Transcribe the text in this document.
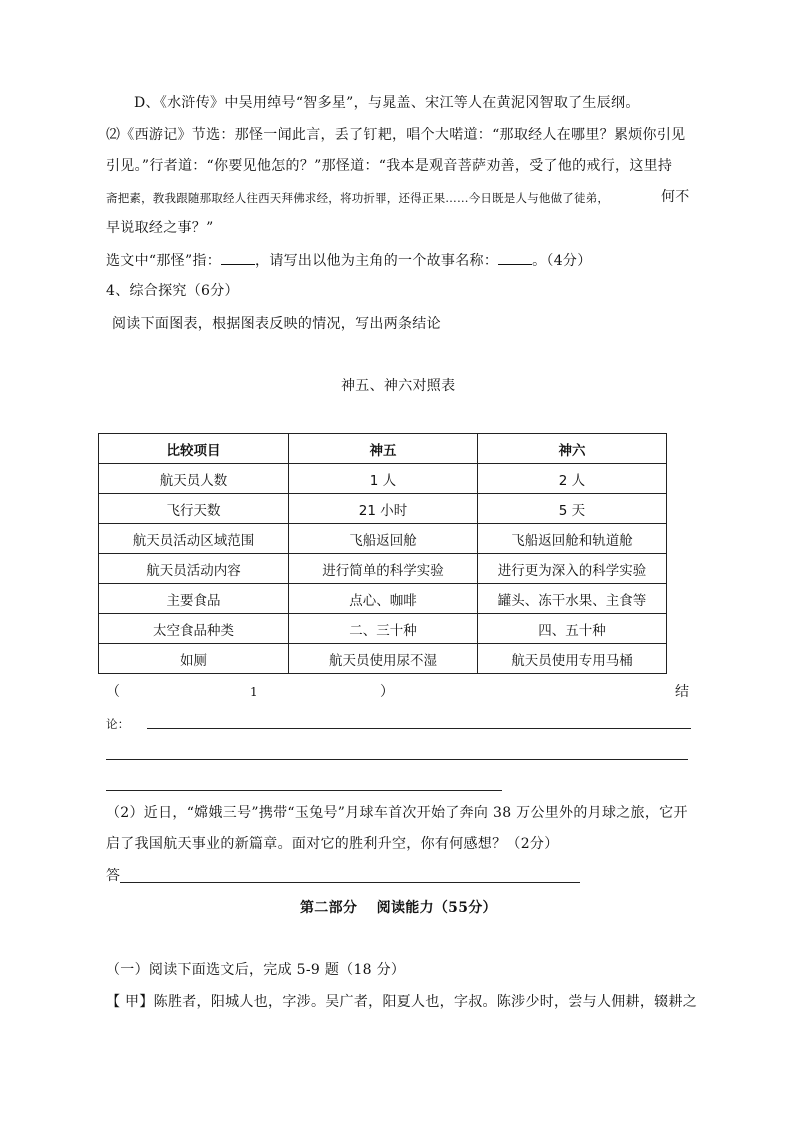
D、《水浒传》中吴用绰号“智多星”，与晁盖、宋江等人在黄泥冈智取了生辰纲。
⑵《西游记》节选：那怪一闻此言，丢了钉耙，唱个大喏道：“那取经人在哪里？累烦你引见
引见。”行者道：“你要见他怎的？”那怪道：“我本是观音菩萨劝善，受了他的戒行，这里持
斋把素，教我跟随那取经人往西天拜佛求经，将功折罪，还得正果……今日既是人与他做了徒弟，	何不
早说取经之事？”
选文中“那怪”指： ，请写出以他为主角的一个故事名称： 。（4分）
4、综合探究（6分）
阅读下面图表，根据图表反映的情况，写出两条结论
神五、神六对照表
比较项目	神五	神六
航天员人数	1 人	2 人
飞行天数	21 小时	5 天
航天员活动区域范围	飞船返回舱	飞船返回舱和轨道舱
航天员活动内容	进行简单的科学实验	进行更为深入的科学实验
主要食品	点心、咖啡	罐头、冻干水果、主食等
太空食品种类	二、三十种	四、五十种
如厕	航天员使用尿不湿	航天员使用专用马桶
（	1	）	结
论：
（2）近日，“嫦娥三号”携带“玉兔号”月球车首次开始了奔向 38 万公里外的月球之旅，它开
启了我国航天事业的新篇章。面对它的胜利升空，你有何感想？（2分）
答
第二部分　 阅读能力（55分）
（一）阅读下面选文后，完成 5-9 题（18 分）
【 甲】陈胜者，阳城人也，字涉。吴广者，阳夏人也，字叔。陈涉少时，尝与人佣耕，辍耕之
